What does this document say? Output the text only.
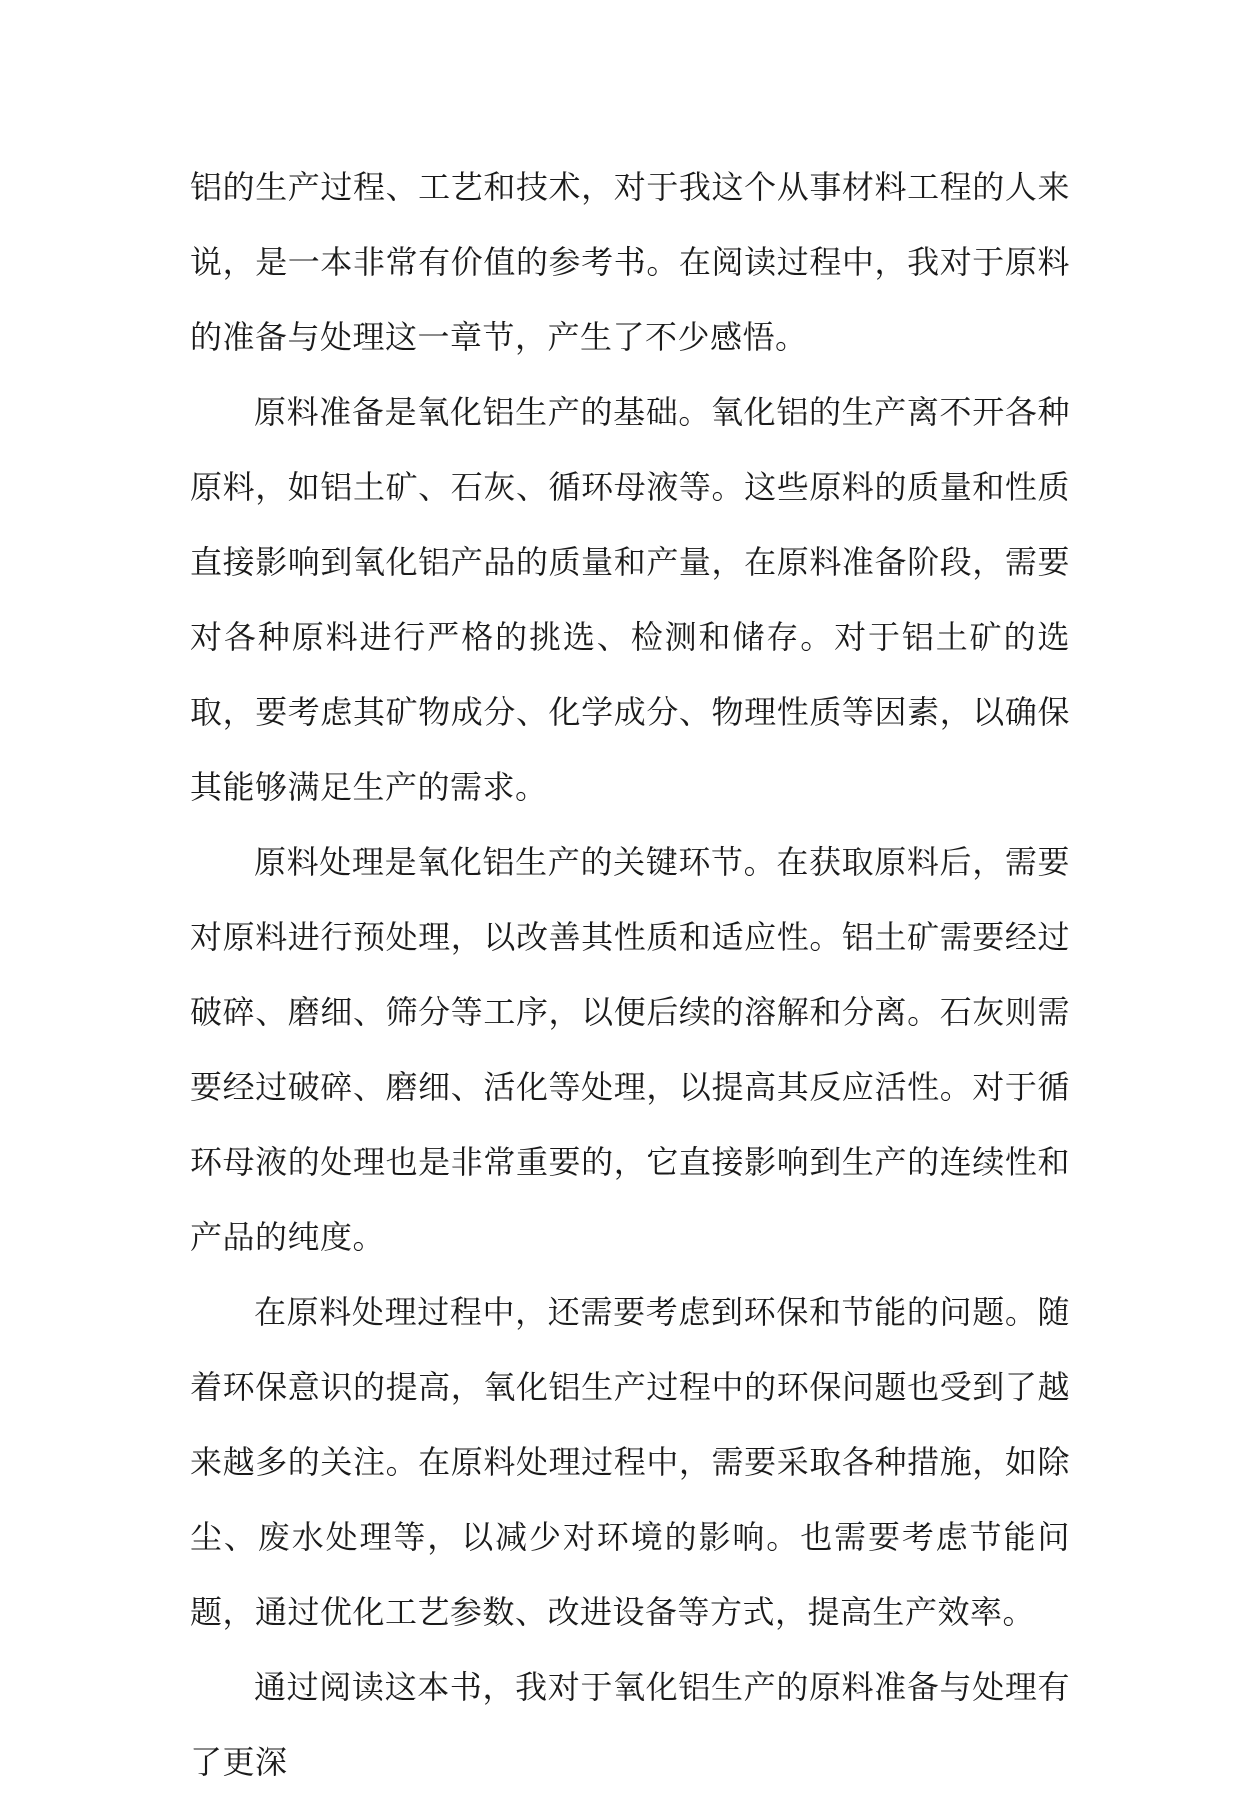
铝的生产过程、工艺和技术，对于我这个从事材料工程的人来说，是一本非常有价值的参考书。在阅读过程中，我对于原料的准备与处理这一章节，产生了不少感悟。

原料准备是氧化铝生产的基础。氧化铝的生产离不开各种原料，如铝土矿、石灰、循环母液等。这些原料的质量和性质直接影响到氧化铝产品的质量和产量，在原料准备阶段，需要对各种原料进行严格的挑选、检测和储存。对于铝土矿的选取，要考虑其矿物成分、化学成分、物理性质等因素，以确保其能够满足生产的需求。

原料处理是氧化铝生产的关键环节。在获取原料后，需要对原料进行预处理，以改善其性质和适应性。铝土矿需要经过破碎、磨细、筛分等工序，以便后续的溶解和分离。石灰则需要经过破碎、磨细、活化等处理，以提高其反应活性。对于循环母液的处理也是非常重要的，它直接影响到生产的连续性和产品的纯度。

在原料处理过程中，还需要考虑到环保和节能的问题。随着环保意识的提高，氧化铝生产过程中的环保问题也受到了越来越多的关注。在原料处理过程中，需要采取各种措施，如除尘、废水处理等，以减少对环境的影响。也需要考虑节能问题，通过优化工艺参数、改进设备等方式，提高生产效率。

通过阅读这本书，我对于氧化铝生产的原料准备与处理有了更深
